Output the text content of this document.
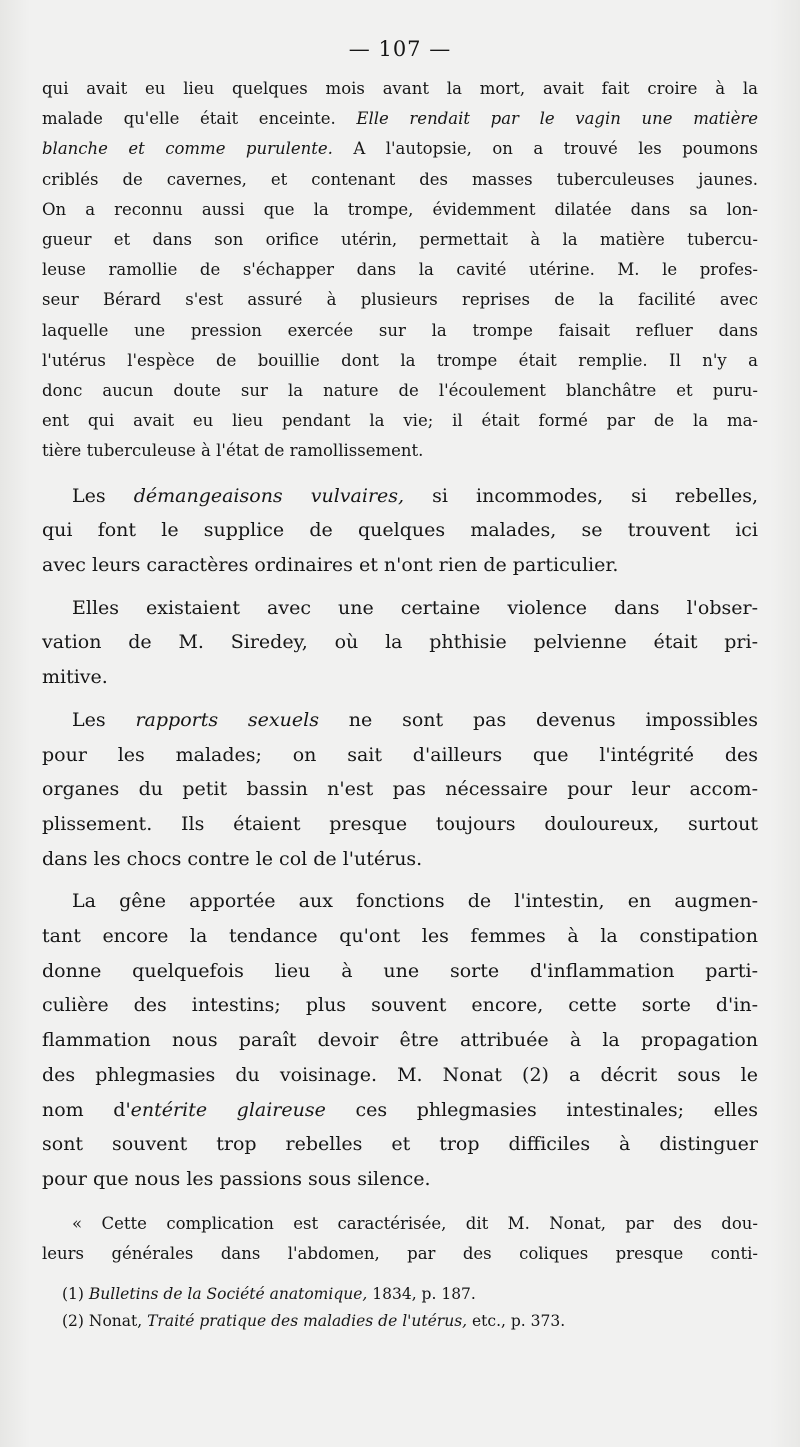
— 107 —

qui avait eu lieu quelques mois avant la mort, avait fait croire à la
malade qu'elle était enceinte. Elle rendait par le vagin une matière
blanche et comme purulente. A l'autopsie, on a trouvé les poumons
criblés de cavernes, et contenant des masses tuberculeuses jaunes.
On a reconnu aussi que la trompe, évidemment dilatée dans sa lon-
gueur et dans son orifice utérin, permettait à la matière tubercu-
leuse ramollie de s'échapper dans la cavité utérine. M. le profes-
seur Bérard s'est assuré à plusieurs reprises de la facilité avec
laquelle une pression exercée sur la trompe faisait refluer dans
l'utérus l'espèce de bouillie dont la trompe était remplie. Il n'y a
donc aucun doute sur la nature de l'écoulement blanchâtre et puru-
ent qui avait eu lieu pendant la vie; il était formé par de la ma-
tière tuberculeuse à l'état de ramollissement.

Les démangeaisons vulvaires, si incommodes, si rebelles,
qui font le supplice de quelques malades, se trouvent ici
avec leurs caractères ordinaires et n'ont rien de particulier.

Elles existaient avec une certaine violence dans l'obser-
vation de M. Siredey, où la phthisie pelvienne était pri-
mitive.

Les rapports sexuels ne sont pas devenus impossibles
pour les malades; on sait d'ailleurs que l'intégrité des
organes du petit bassin n'est pas nécessaire pour leur accom-
plissement. Ils étaient presque toujours douloureux, surtout
dans les chocs contre le col de l'utérus.

La gêne apportée aux fonctions de l'intestin, en augmen-
tant encore la tendance qu'ont les femmes à la constipation
donne quelquefois lieu à une sorte d'inflammation parti-
culière des intestins; plus souvent encore, cette sorte d'in-
flammation nous paraît devoir être attribuée à la propagation
des phlegmasies du voisinage. M. Nonat (2) a décrit sous le
nom d'entérite glaireuse ces phlegmasies intestinales; elles
sont souvent trop rebelles et trop difficiles à distinguer
pour que nous les passions sous silence.

« Cette complication est caractérisée, dit M. Nonat, par des dou-
leurs générales dans l'abdomen, par des coliques presque conti-

(1) Bulletins de la Société anatomique, 1834, p. 187.
(2) Nonat, Traité pratique des maladies de l'utérus, etc., p. 373.
